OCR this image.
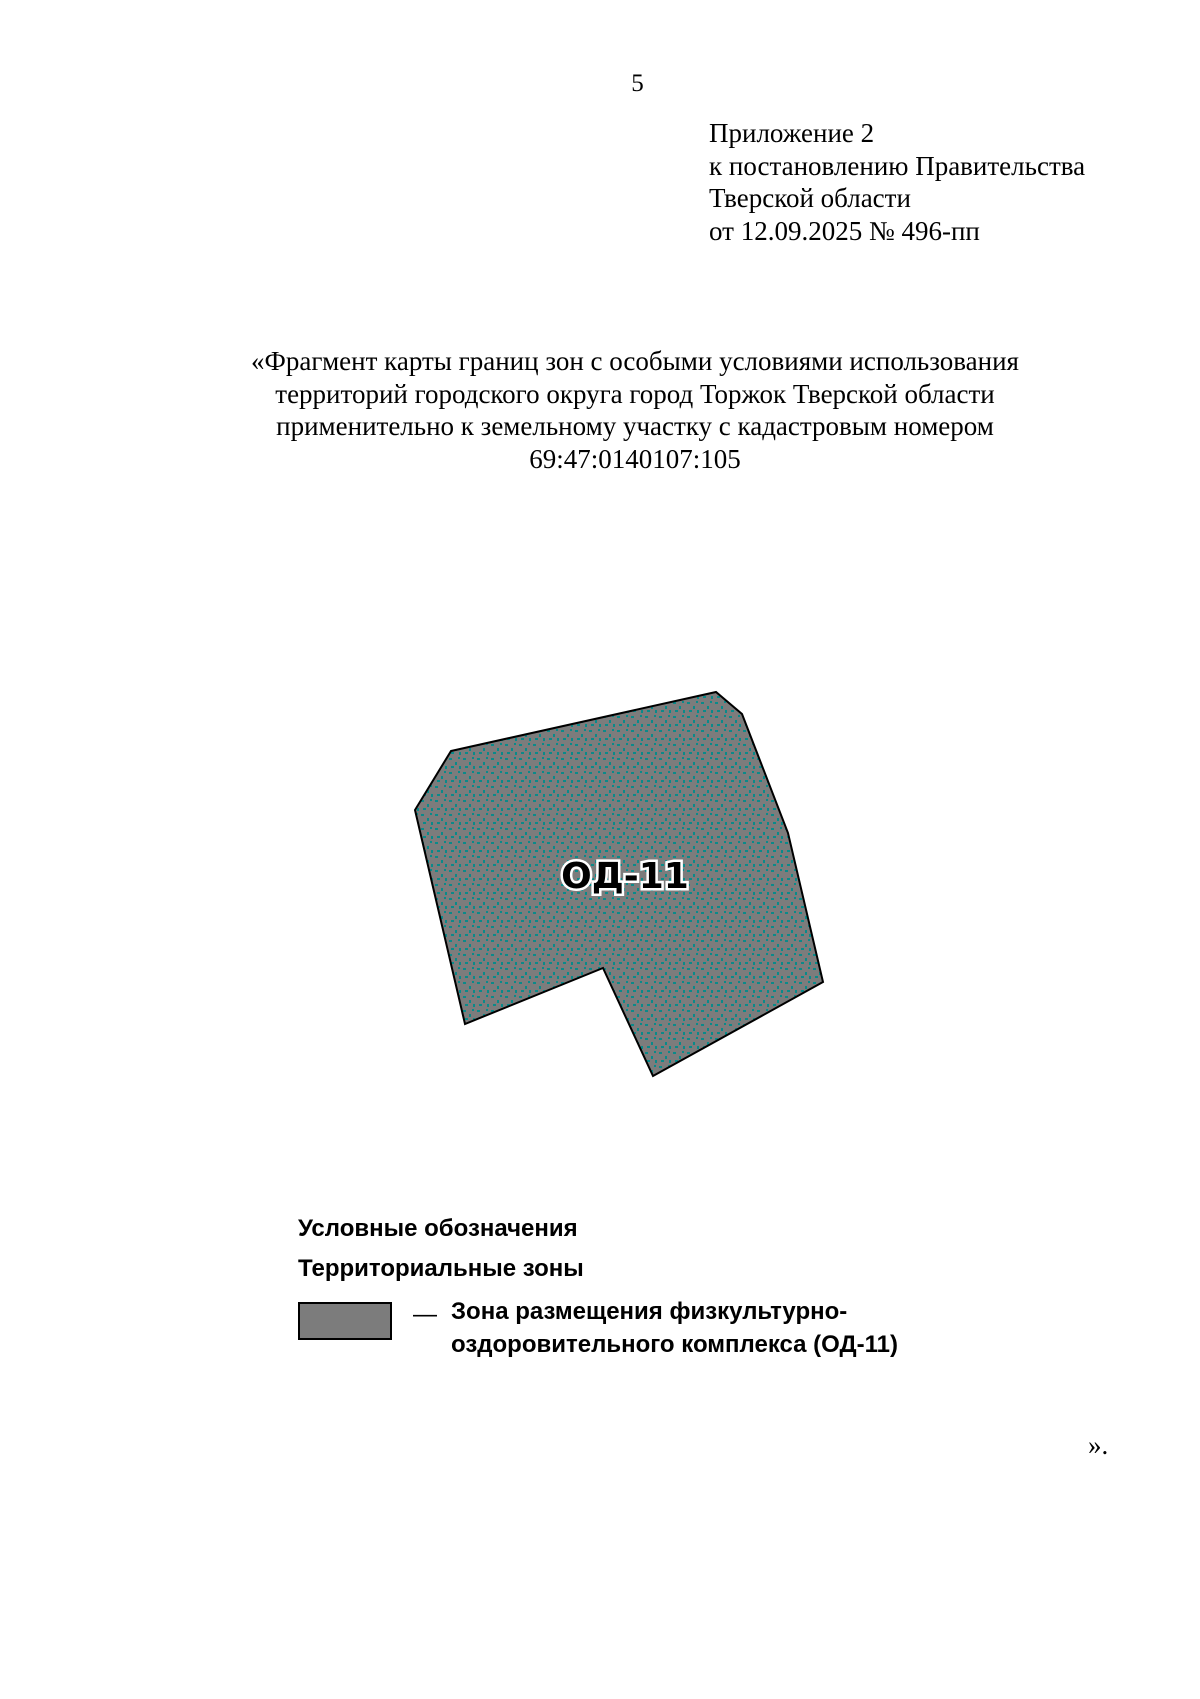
5
Приложение 2
к постановлению Правительства
Тверской области
от 12.09.2025 № 496-пп
«Фрагмент карты границ зон с особыми условиями использования
территорий городского округа город Торжок Тверской области
применительно к земельному участку с кадастровым номером
69:47:0140107:105
ОД-11
Условные обозначения
Территориальные зоны
— Зона размещения физкультурно-
оздоровительного комплекса (ОД-11)
».
